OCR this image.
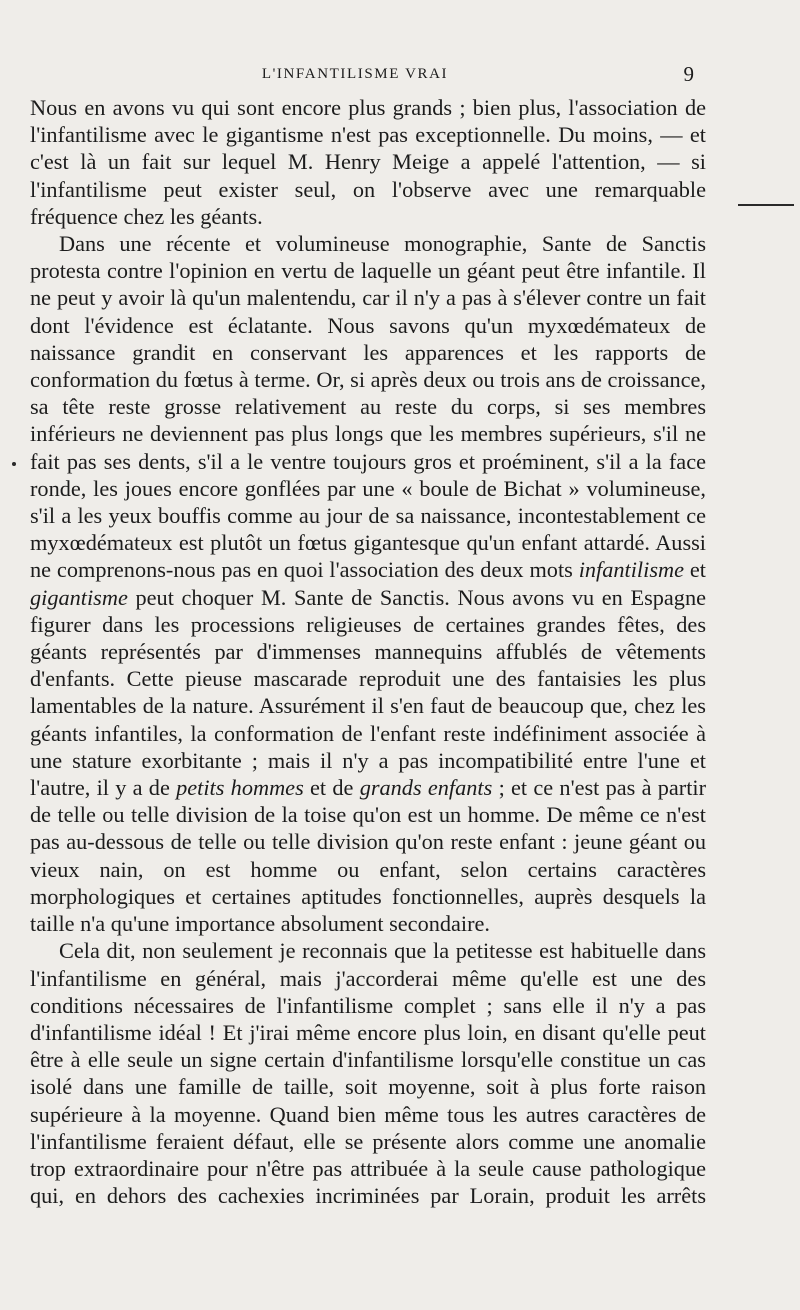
L'INFANTILISME VRAI	9

Nous en avons vu qui sont encore plus grands ; bien plus, l'association de l'infantilisme avec le gigantisme n'est pas exceptionnelle. Du moins, — et c'est là un fait sur lequel M. Henry Meige a appelé l'attention, — si l'infantilisme peut exister seul, on l'observe avec une remarquable fréquence chez les géants.

Dans une récente et volumineuse monographie, Sante de Sanctis protesta contre l'opinion en vertu de laquelle un géant peut être infantile. Il ne peut y avoir là qu'un malentendu, car il n'y a pas à s'élever contre un fait dont l'évidence est éclatante. Nous savons qu'un myxœdémateux de naissance grandit en conservant les apparences et les rapports de conformation du fœtus à terme. Or, si après deux ou trois ans de croissance, sa tête reste grosse relativement au reste du corps, si ses membres inférieurs ne deviennent pas plus longs que les membres supérieurs, s'il ne fait pas ses dents, s'il a le ventre toujours gros et proéminent, s'il a la face ronde, les joues encore gonflées par une « boule de Bichat » volumineuse, s'il a les yeux bouffis comme au jour de sa naissance, incontestablement ce myxœdémateux est plutôt un fœtus gigantesque qu'un enfant attardé. Aussi ne comprenons-nous pas en quoi l'association des deux mots infantilisme et gigantisme peut choquer M. Sante de Sanctis. Nous avons vu en Espagne figurer dans les processions religieuses de certaines grandes fêtes, des géants représentés par d'immenses mannequins affublés de vêtements d'enfants. Cette pieuse mascarade reproduit une des fantaisies les plus lamentables de la nature. Assurément il s'en faut de beaucoup que, chez les géants infantiles, la conformation de l'enfant reste indéfiniment associée à une stature exorbitante ; mais il n'y a pas incompatibilité entre l'une et l'autre, il y a de petits hommes et de grands enfants ; et ce n'est pas à partir de telle ou telle division de la toise qu'on est un homme. De même ce n'est pas au-dessous de telle ou telle division qu'on reste enfant : jeune géant ou vieux nain, on est homme ou enfant, selon certains caractères morphologiques et certaines aptitudes fonctionnelles, auprès desquels la taille n'a qu'une importance absolument secondaire.

Cela dit, non seulement je reconnais que la petitesse est habituelle dans l'infantilisme en général, mais j'accorderai même qu'elle est une des conditions nécessaires de l'infantilisme complet ; sans elle il n'y a pas d'infantilisme idéal ! Et j'irai même encore plus loin, en disant qu'elle peut être à elle seule un signe certain d'infantilisme lorsqu'elle constitue un cas isolé dans une famille de taille, soit moyenne, soit à plus forte raison supérieure à la moyenne. Quand bien même tous les autres caractères de l'infantilisme feraient défaut, elle se présente alors comme une anomalie trop extraordinaire pour n'être pas attribuée à la seule cause pathologique qui, en dehors des cachexies incriminées par Lorain, produit les arrêts
